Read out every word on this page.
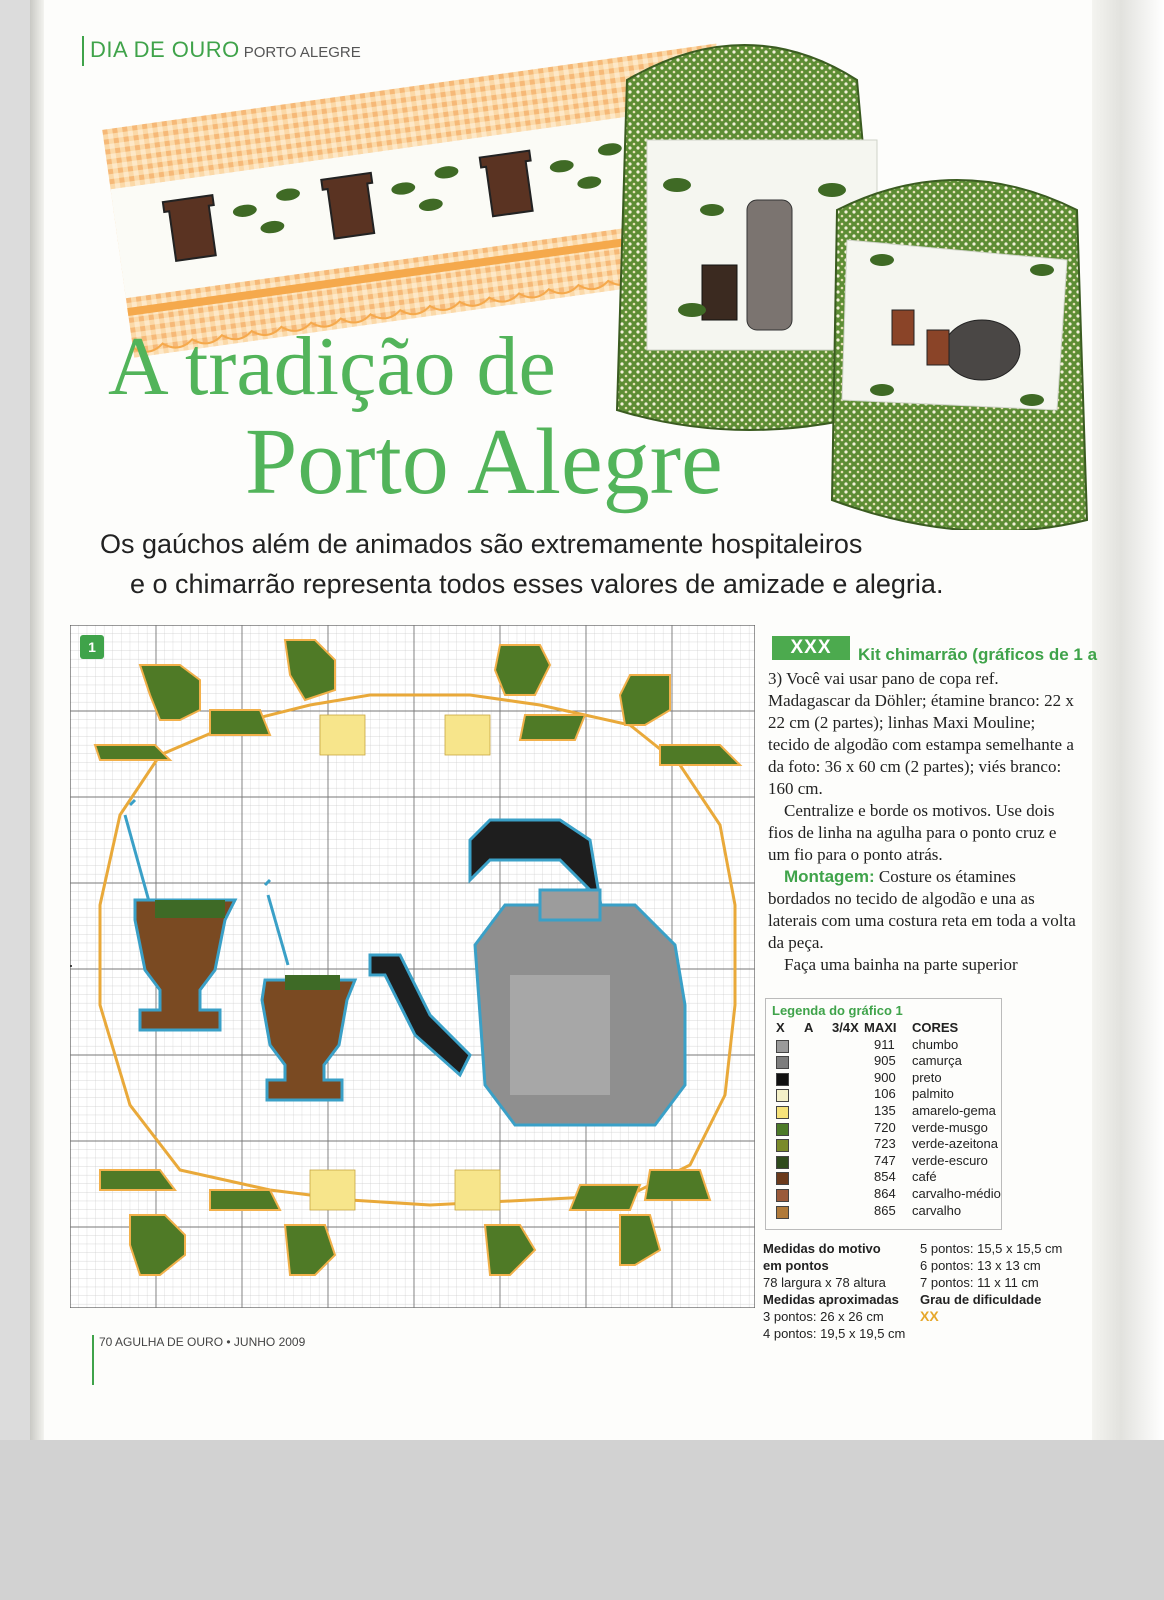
DIA DE OURO PORTO ALEGRE
A tradição de
Porto Alegre
Os gaúchos além de animados são extremamente hospitaleiros
e o chimarrão representa todos esses valores de amizade e alegria.
1	XXX	Kit chimarrão (gráficos de 1 a

3) Você vai usar pano de copa ref. Madagascar da Döhler; étamine branco: 22 x 22 cm (2 partes); linhas Maxi Mouline; tecido de algodão com estampa semelhante a da foto: 36 x 60 cm (2 partes); viés branco: 160 cm.

Centralize e borde os motivos. Use dois fios de linha na agulha para o ponto cruz e um fio para o ponto atrás.

Montagem: Costure os étamines bordados no tecido de algodão e una as laterais com uma costura reta em toda a volta da peça.

Faça uma bainha na parte superior

Legenda do gráfico 1
X A 3/4X MAXI CORES
911 chumbo
905 camurça
900 preto
106 palmito
135 amarelo-gema
720 verde-musgo
723 verde-azeitona
747 verde-escuro
854 café
864 carvalho-médio
865 carvalho
Medidas do motivo
em pontos
78 largura x 78 altura
Medidas aproximadas
3 pontos: 26 x 26 cm
4 pontos: 19,5 x 19,5 cm
5 pontos: 15,5 x 15,5 cm
6 pontos: 13 x 13 cm
7 pontos: 11 x 11 cm
Grau de dificuldade
XX
70 AGULHA DE OURO • JUNHO 2009
